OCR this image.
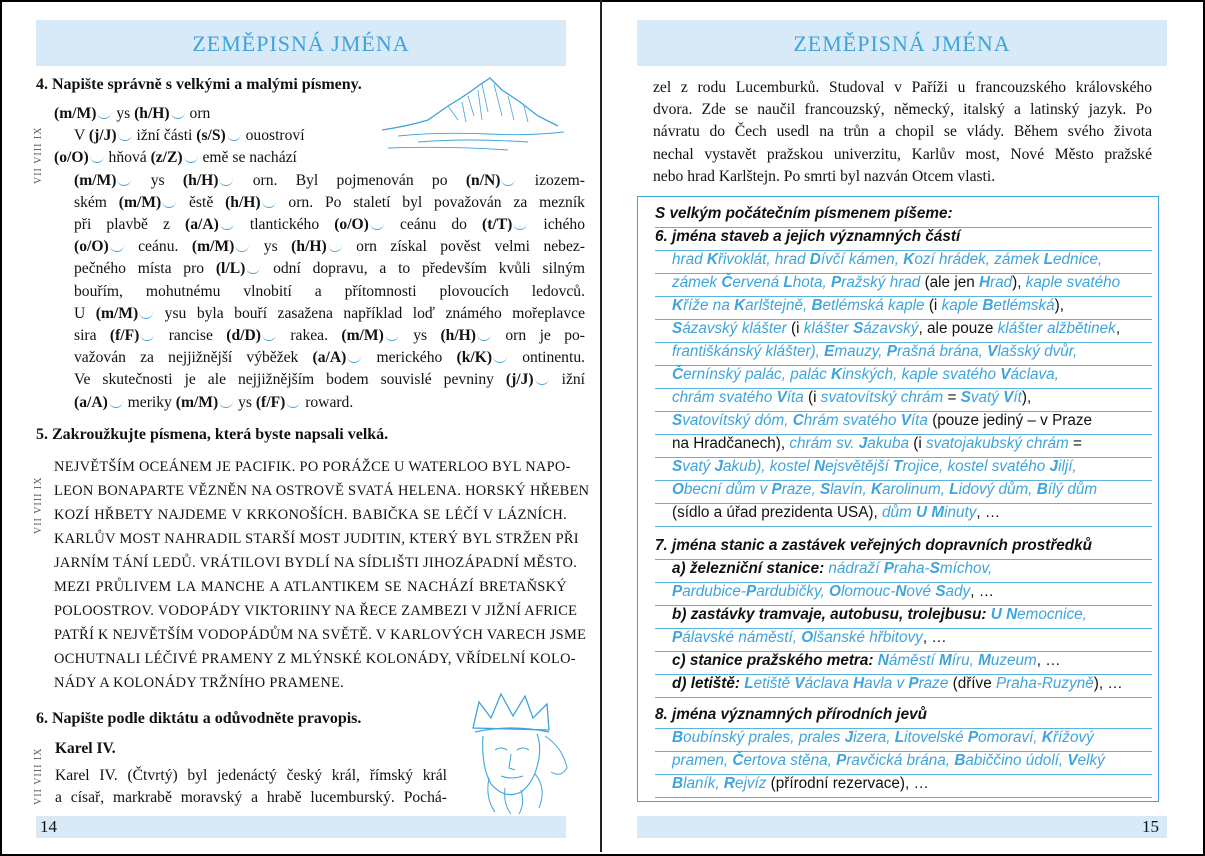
ZEMĚPISNÁ JMÉNA
14
4. Napište správně s velkými a malými písmeny.
VII VIII IX
(m/M) ys (h/H) orn
V (j/J) ižní části (s/S) ouostroví
(o/O) hňová (z/Z) emě se nachází
(m/M) ys (h/H) orn. Byl pojmenován po (n/N) izozem-
ském (m/M) ěstě (h/H) orn. Po staletí byl považován za mezník
při plavbě z (a/A) tlantického (o/O) ceánu do (t/T) ichého
(o/O) ceánu. (m/M) ys (h/H) orn získal pověst velmi nebez-
pečného místa pro (l/L) odní dopravu, a to především kvůli silným
bouřím, mohutnému vlnobití a přítomnosti plovoucích ledovců.
U (m/M) ysu byla bouří zasažena například loď známého mořeplavce
sira (f/F) rancise (d/D) rakea. (m/M) ys (h/H) orn je po-
važován za nejjižnější výběžek (a/A) merického (k/K) ontinentu.
Ve skutečnosti je ale nejjižnějším bodem souvislé pevniny (j/J) ižní
(a/A) meriky (m/M) ys (f/F) roward.
5. Zakroužkujte písmena, která byste napsali velká.
VII VIII IX
NEJVĚTŠÍM OCEÁNEM JE PACIFIK. PO PORÁŽCE U WATERLOO BYL NAPO-
LEON BONAPARTE VĚZNĚN NA OSTROVĚ SVATÁ HELENA. HORSKÝ HŘEBEN
KOZÍ HŘBETY NAJDEME V KRKONOŠÍCH. BABIČKA SE LÉČÍ V LÁZNÍCH.
KARLŮV MOST NAHRADIL STARŠÍ MOST JUDITIN, KTERÝ BYL STRŽEN PŘI
JARNÍM TÁNÍ LEDŮ. VRÁTILOVI BYDLÍ NA SÍDLIŠTI JIHOZÁPADNÍ MĚSTO.
MEZI PRŮLIVEM LA MANCHE A ATLANTIKEM SE NACHÁZÍ BRETAŇSKÝ
POLOOSTROV. VODOPÁDY VIKTORIINY NA ŘECE ZAMBEZI V JIŽNÍ AFRICE
PATŘÍ K NEJVĚTŠÍM VODOPÁDŮM NA SVĚTĚ. V KARLOVÝCH VARECH JSME
OCHUTNALI LÉČIVÉ PRAMENY Z MLÝNSKÉ KOLONÁDY, VŘÍDELNÍ KOLO-
NÁDY A KOLONÁDY TRŽNÍHO PRAMENE.
6. Napište podle diktátu a odůvodněte pravopis.
VII VIII IX Karel IV.
Karel IV. (Čtvrtý) byl jedenáctý český král, římský král
a císař, markrabě moravský a hrabě lucemburský. Pochá-
ZEMĚPISNÁ JMÉNA
15
zel z rodu Lucemburků. Studoval v Paříži u francouzského královského
dvora. Zde se naučil francouzský, německý, italský a latinský jazyk. Po
návratu do Čech usedl na trůn a chopil se vlády. Během svého života
nechal vystavět pražskou univerzitu, Karlův most, Nové Město pražské
nebo hrad Karlštejn. Po smrti byl nazván Otcem vlasti.
S velkým počátečním písmenem píšeme:
6. jména staveb a jejich významných částí
hrad Křivoklát, hrad Dívčí kámen, Kozí hrádek, zámek Lednice,
zámek Červená Lhota, Pražský hrad (ale jen Hrad), kaple svatého
Kříže na Karlštejně, Betlémská kaple (i kaple Betlémská),
Sázavský klášter (i klášter Sázavský, ale pouze klášter alžbětinek,
františkánský klášter), Emauzy, Prašná brána, Vlašský dvůr,
Černínský palác, palác Kinských, kaple svatého Václava,
chrám svatého Víta (i svatovítský chrám = Svatý Vít),
Svatovítský dóm, Chrám svatého Víta (pouze jediný – v Praze
na Hradčanech), chrám sv. Jakuba (i svatojakubský chrám =
Svatý Jakub), kostel Nejsvětější Trojice, kostel svatého Jiljí,
Obecní dům v Praze, Slavín, Karolinum, Lidový dům, Bílý dům
(sídlo a úřad prezidenta USA), dům U Minuty, …
7. jména stanic a zastávek veřejných dopravních prostředků
a) železniční stanice: nádraží Praha-Smíchov,
Pardubice-Pardubičky, Olomouc-Nové Sady, …
b) zastávky tramvaje, autobusu, trolejbusu: U Nemocnice,
Pálavské náměstí, Olšanské hřbitovy, …
c) stanice pražského metra: Náměstí Míru, Muzeum, …
d) letiště: Letiště Václava Havla v Praze (dříve Praha-Ruzyně), …
8. jména významných přírodních jevů
Boubínský prales, prales Jizera, Litovelské Pomoraví, Křížový
pramen, Čertova stěna, Pravčická brána, Babiččino údolí, Velký
Blaník, Rejvíz (přírodní rezervace), …
